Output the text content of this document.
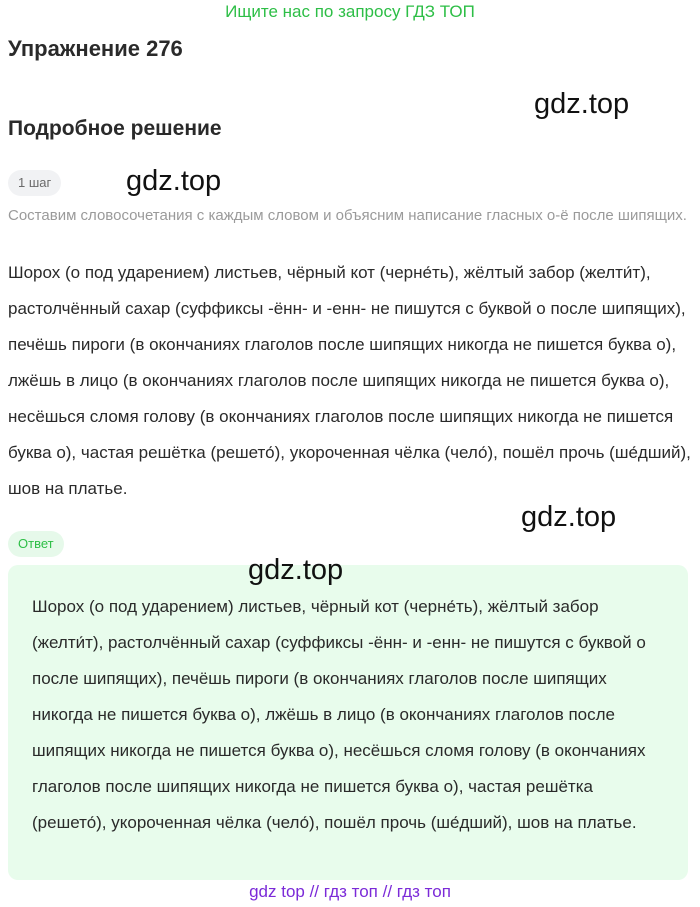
Ищите нас по запросу ГДЗ ТОП
Упражнение 276
gdz.top
Подробное решение
1 шаг	gdz.top
Составим словосочетания с каждым словом и объясним написание гласных о-ё после шипящих.
Шорох (о под ударением) листьев, чёрный кот (черне́ть), жёлтый забор (желти́т), растолчённый сахар (суффиксы -ённ- и -енн- не пишутся с буквой о после шипящих), печёшь пироги (в окончаниях глаголов после шипящих никогда не пишется буква о), лжёшь в лицо (в окончаниях глаголов после шипящих никогда не пишется буква о), несёшься сломя голову (в окончаниях глаголов после шипящих никогда не пишется буква о), частая решётка (решето́), укороченная чёлка (чело́), пошёл прочь (ше́дший), шов на платье.
gdz.top
Ответ
Шорох (о под ударением) листьев, чёрный кот (черне́ть), жёлтый забор (желти́т), растолчённый сахар (суффиксы -ённ- и -енн- не пишутся с буквой о после шипящих), печёшь пироги (в окончаниях глаголов после шипящих никогда не пишется буква о), лжёшь в лицо (в окончаниях глаголов после шипящих никогда не пишется буква о), несёшься сломя голову (в окончаниях глаголов после шипящих никогда не пишется буква о), частая решётка (решето́), укороченная чёлка (чело́), пошёл прочь (ше́дший), шов на платье.
gdz.top
gdz top // гдз топ // гдз топ
